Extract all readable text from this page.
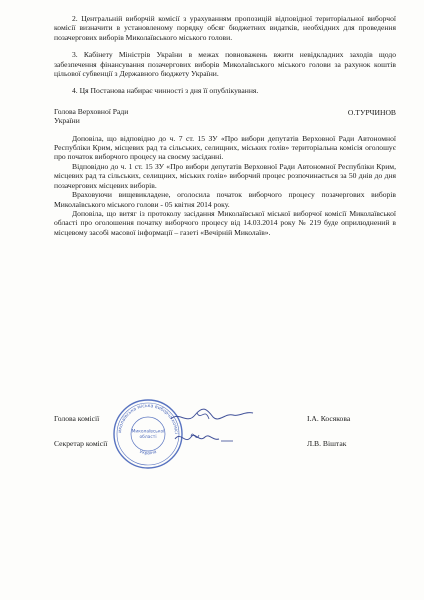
2. Центральній виборчій комісії з урахуванням пропозицій відповідної територіальної виборчої комісії визначити в установленому порядку обсяг бюджетних видатків, необхідних для проведення позачергових виборів Миколаївського міського голови.

3. Кабінету Міністрів України в межах повноважень вжити невідкладних заходів щодо забезпечення фінансування позачергових виборів Миколаївського міського голови за рахунок коштів цільової субвенції з Державного бюджету України.

4. Ця Постанова набирає чинності з дня її опублікування.

Голова Верховної Ради
України
О.ТУРЧИНОВ

Доповіла, що відповідно до ч. 7 ст. 15 ЗУ «Про вибори депутатів Верховної Ради Автономної Республіки Крим, місцевих рад та сільських, селищних, міських голів» територіальна комісія оголошує про початок виборчого процесу на своєму засіданні.

Відповідно до ч. 1 ст. 15 ЗУ «Про вибори депутатів Верховної Ради Автономної Республіки Крим, місцевих рад та сільських, селищних, міських голів» виборчий процес розпочинається за 50 днів до дня позачергових місцевих виборів.

Враховуючи вищевикладене, оголосила початок виборчого процесу позачергових виборів Миколаївського міського голови - 05 квітня 2014 року.

Доповіла, що витяг із протоколу засідання Миколаївської міської виборчої комісії Миколаївської області про оголошення початку виборчого процесу від 14.03.2014 року № 219 буде оприлюднений в місцевому засобі масової інформації – газеті «Вечірній Миколаїв».

Голова комісії	І.А. Косякова
Секретар комісії	Л.В. Віштак
иколаївська міська виборча комісі
Миколаївської
області
Україна
